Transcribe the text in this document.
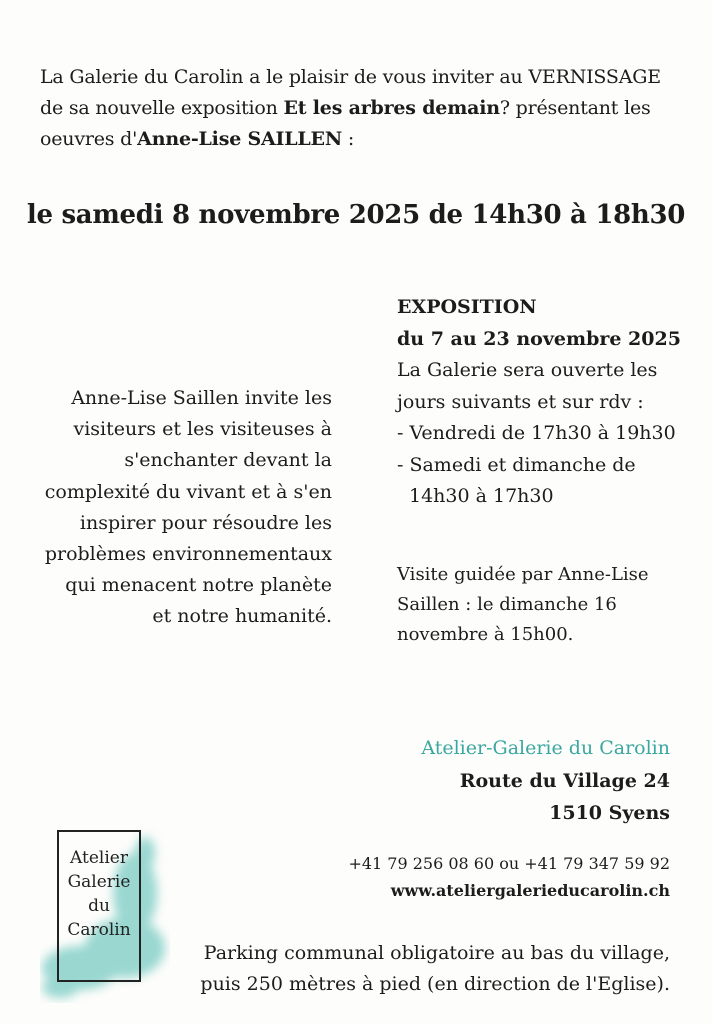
La Galerie du Carolin a le plaisir de vous inviter au VERNISSAGE de sa nouvelle exposition Et les arbres demain? présentant les oeuvres d'Anne-Lise SAILLEN :
le samedi 8 novembre 2025 de 14h30 à 18h30
Anne-Lise Saillen invite les
visiteurs et les visiteuses à
s'enchanter devant la
complexité du vivant et à s'en
inspirer pour résoudre les
problèmes environnementaux
qui menacent notre planète
et notre humanité.
EXPOSITION
du 7 au 23 novembre 2025
La Galerie sera ouverte les
jours suivants et sur rdv :
- Vendredi de 17h30 à 19h30
- Samedi et dimanche de
14h30 à 17h30
Visite guidée par Anne-Lise
Saillen : le dimanche 16
novembre à 15h00.
Atelier-Galerie du Carolin
Route du Village 24
1510 Syens
+41 79 256 08 60 ou +41 79 347 59 92
www.ateliergalerieducarolin.ch
Parking communal obligatoire au bas du village,
puis 250 mètres à pied (en direction de l'Eglise).
Atelier
Galerie
du
Carolin
